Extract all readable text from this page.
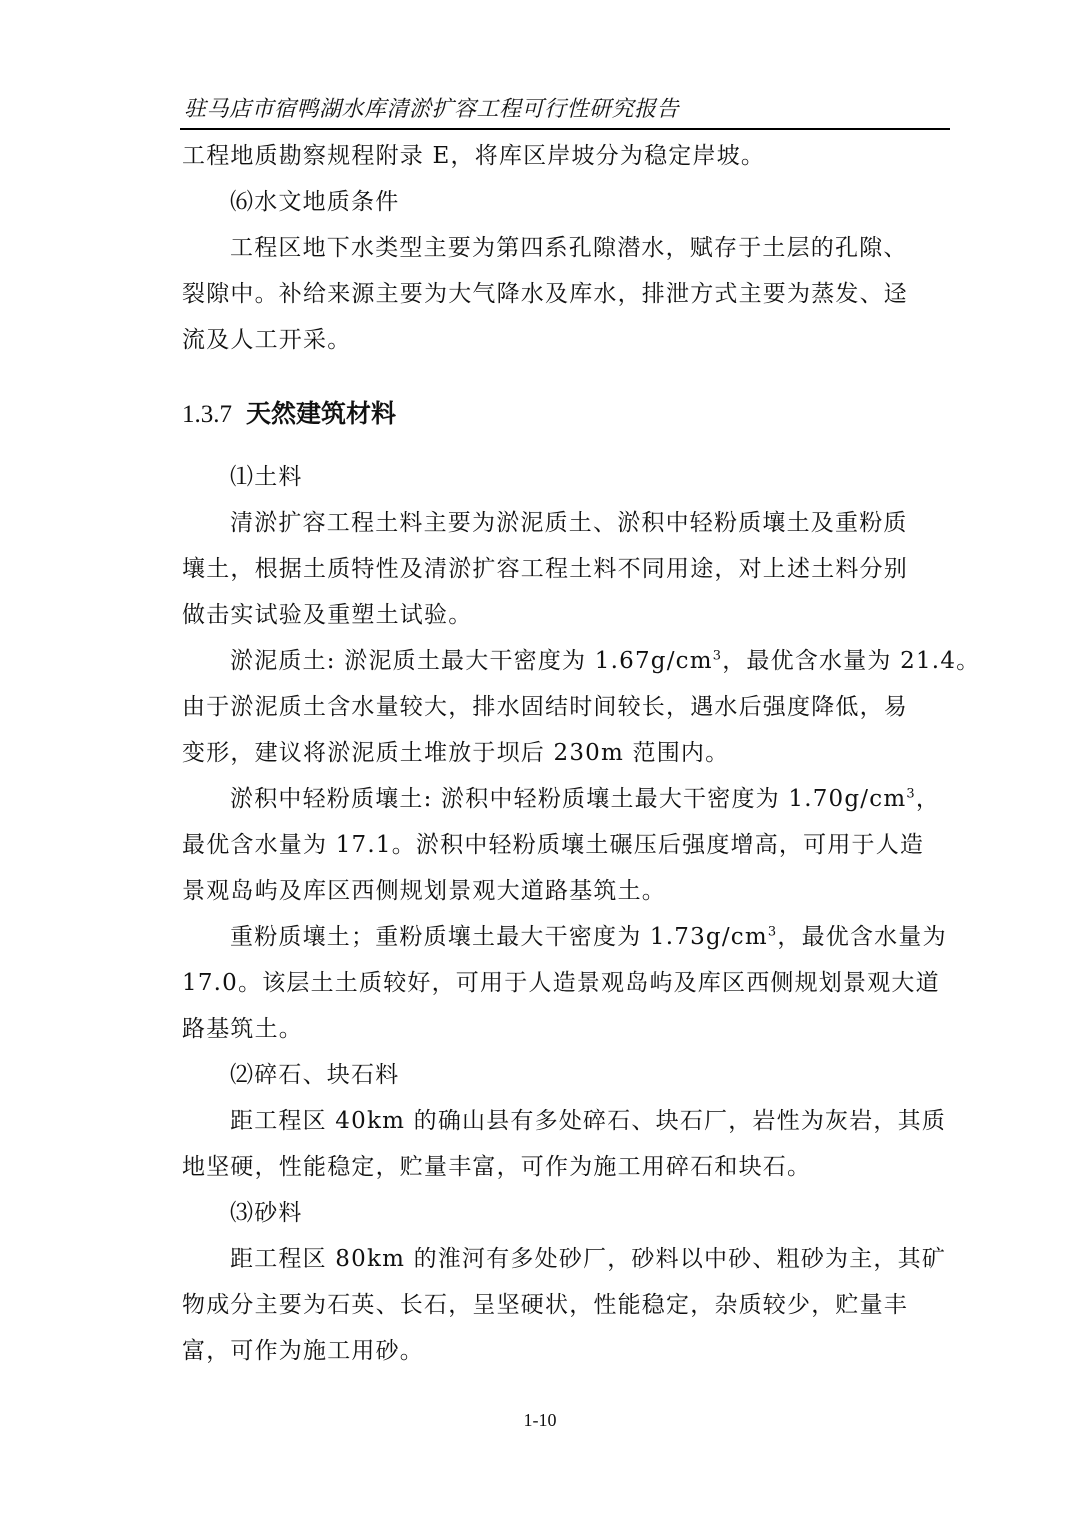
驻马店市宿鸭湖水库清淤扩容工程可行性研究报告
工程地质勘察规程附录 E，将库区岸坡分为稳定岸坡。
⑹水文地质条件
工程区地下水类型主要为第四系孔隙潜水，赋存于土层的孔隙、
裂隙中。补给来源主要为大气降水及库水，排泄方式主要为蒸发、迳
流及人工开采。
1.3.7 天然建筑材料
⑴土料
清淤扩容工程土料主要为淤泥质土、淤积中轻粉质壤土及重粉质
壤土，根据土质特性及清淤扩容工程土料不同用途，对上述土料分别
做击实试验及重塑土试验。
淤泥质土: 淤泥质土最大干密度为 $1.67g/cm^3$，最优含水量为 21.4。
由于淤泥质土含水量较大，排水固结时间较长，遇水后强度降低，易
变形，建议将淤泥质土堆放于坝后 230m 范围内。
淤积中轻粉质壤土: 淤积中轻粉质壤土最大干密度为 $1.70g/cm^3$，
最优含水量为 17.1。淤积中轻粉质壤土碾压后强度增高，可用于人造
景观岛屿及库区西侧规划景观大道路基筑土。
重粉质壤土；重粉质壤土最大干密度为 $1.73g/cm^3$，最优含水量为
17.0。该层土土质较好，可用于人造景观岛屿及库区西侧规划景观大道
路基筑土。
⑵碎石、块石料
距工程区 40km 的确山县有多处碎石、块石厂，岩性为灰岩，其质
地坚硬，性能稳定，贮量丰富，可作为施工用碎石和块石。
⑶砂料
距工程区 80km 的淮河有多处砂厂，砂料以中砂、粗砂为主，其矿
物成分主要为石英、长石，呈坚硬状，性能稳定，杂质较少，贮量丰
富，可作为施工用砂。
1-10
